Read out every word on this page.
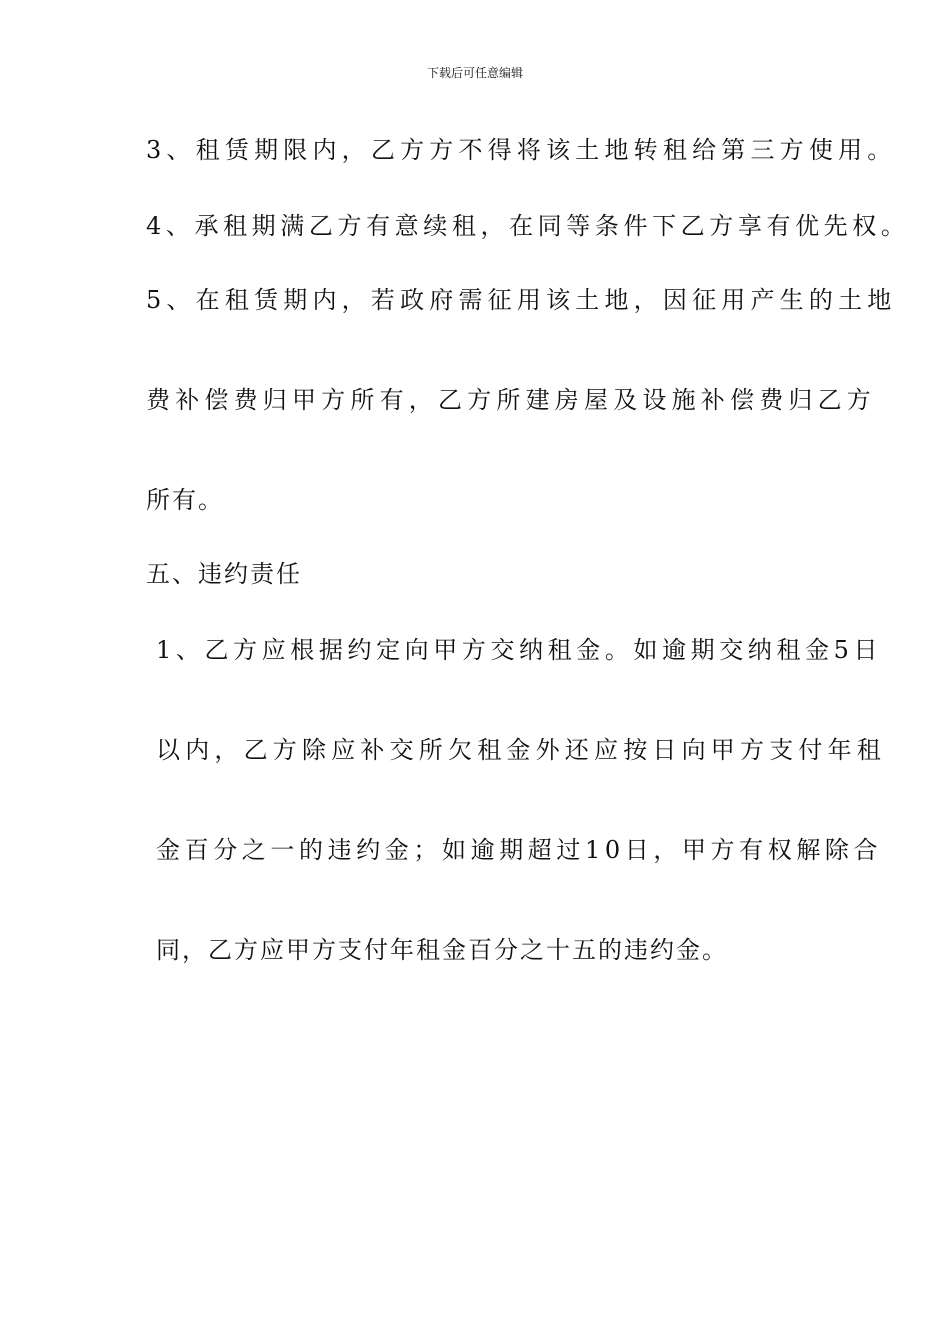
下载后可任意编辑
3、租赁期限内，乙方方不得将该土地转租给第三方使用。
4、承租期满乙方有意续租，在同等条件下乙方享有优先权。
5、在租赁期内，若政府需征用该土地，因征用产生的土地
费补偿费归甲方所有，乙方所建房屋及设施补偿费归乙方
所有。
五、违约责任
1、乙方应根据约定向甲方交纳租金。如逾期交纳租金5日
以内，乙方除应补交所欠租金外还应按日向甲方支付年租
金百分之一的违约金；如逾期超过10日，甲方有权解除合
同，乙方应甲方支付年租金百分之十五的违约金。
